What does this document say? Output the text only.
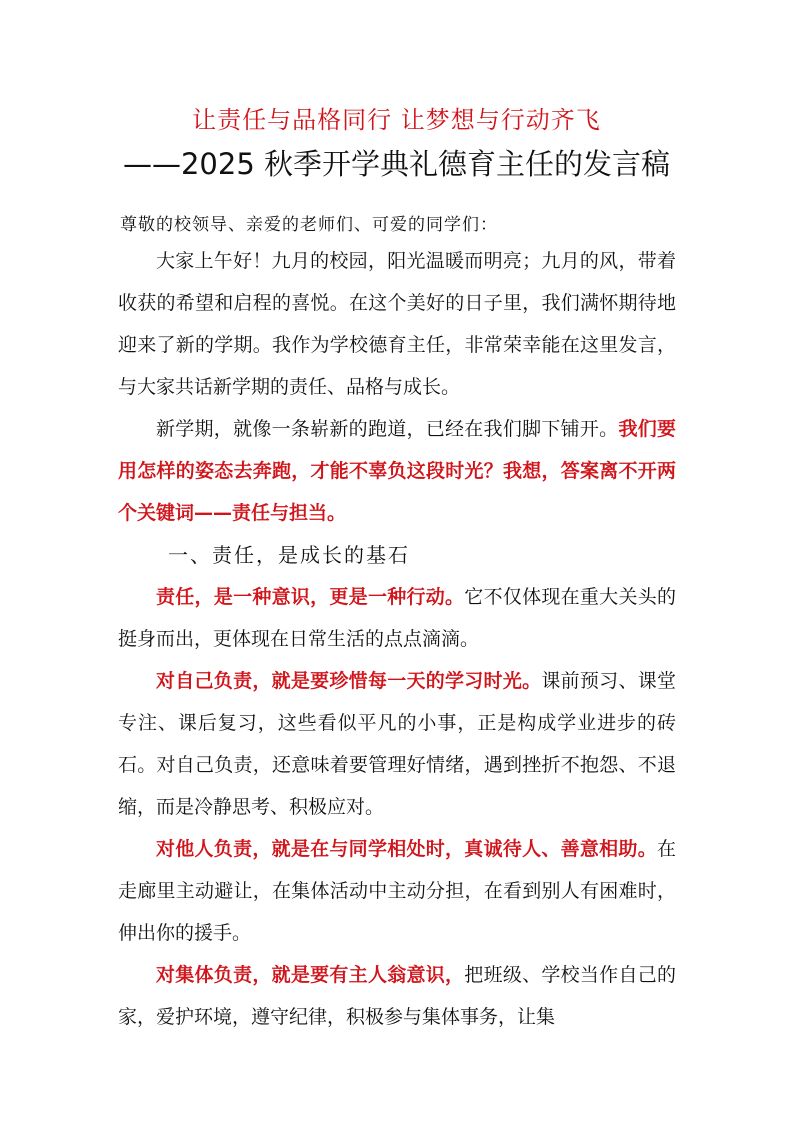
让责任与品格同行 让梦想与行动齐飞
——2025 秋季开学典礼德育主任的发言稿
尊敬的校领导、亲爱的老师们、可爱的同学们：

大家上午好！九月的校园，阳光温暖而明亮；九月的风，带着收获的希望和启程的喜悦。在这个美好的日子里，我们满怀期待地迎来了新的学期。我作为学校德育主任，非常荣幸能在这里发言，与大家共话新学期的责任、品格与成长。

新学期，就像一条崭新的跑道，已经在我们脚下铺开。我们要用怎样的姿态去奔跑，才能不辜负这段时光？我想，答案离不开两个关键词——责任与担当。

一、责任，是成长的基石

责任，是一种意识，更是一种行动。它不仅体现在重大关头的挺身而出，更体现在日常生活的点点滴滴。

对自己负责，就是要珍惜每一天的学习时光。课前预习、课堂专注、课后复习，这些看似平凡的小事，正是构成学业进步的砖石。对自己负责，还意味着要管理好情绪，遇到挫折不抱怨、不退缩，而是冷静思考、积极应对。

对他人负责，就是在与同学相处时，真诚待人、善意相助。在走廊里主动避让，在集体活动中主动分担，在看到别人有困难时，伸出你的援手。

对集体负责，就是要有主人翁意识，把班级、学校当作自己的家，爱护环境，遵守纪律，积极参与集体事务，让集
